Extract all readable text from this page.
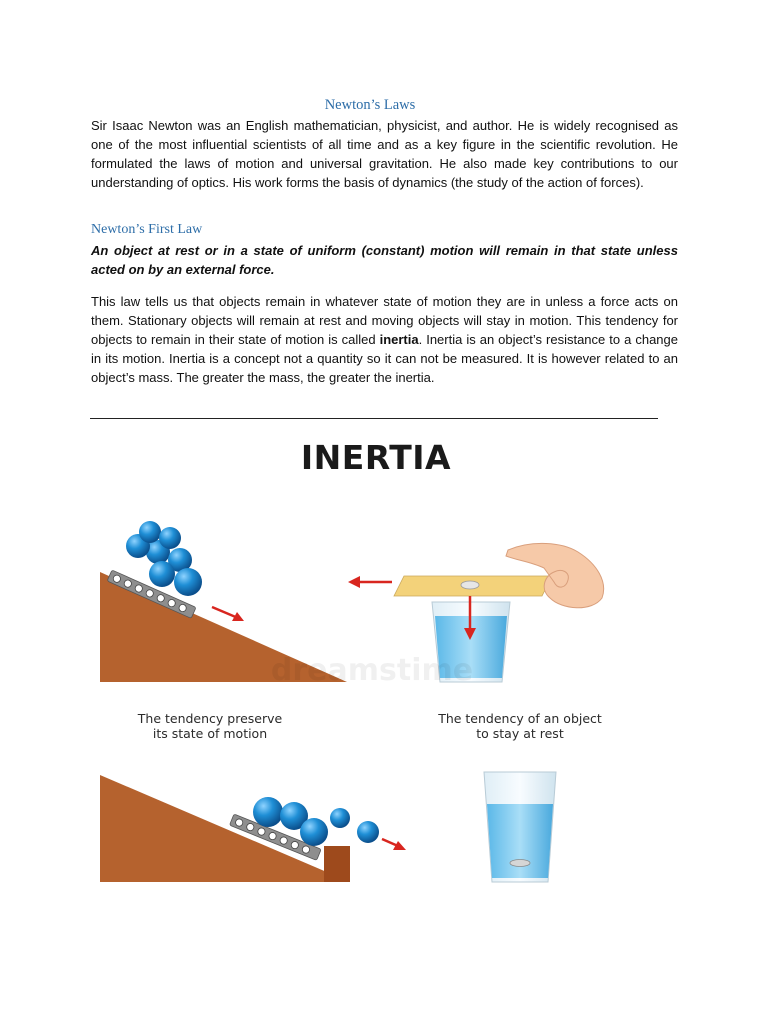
Newton’s Laws

Sir Isaac Newton was an English mathematician, physicist, and author. He is widely recognised as one of the most influential scientists of all time and as a key figure in the scientific revolution. He formulated the laws of motion and universal gravitation. He also made key contributions to our understanding of optics. His work forms the basis of dynamics (the study of the action of forces).

Newton’s First Law

An object at rest or in a state of uniform (constant) motion will remain in that state unless acted on by an external force.

This law tells us that objects remain in whatever state of motion they are in unless a force acts on them. Stationary objects will remain at rest and moving objects will stay in motion. This tendency for objects to remain in their state of motion is called inertia. Inertia is an object’s resistance to a change in its motion. Inertia is a concept not a quantity so it can not be measured. It is however related to an object’s mass. The greater the mass, the greater the inertia.

INERTIA
dreamstime
The tendency preserve
its state of motion
The tendency of an object
to stay at rest
